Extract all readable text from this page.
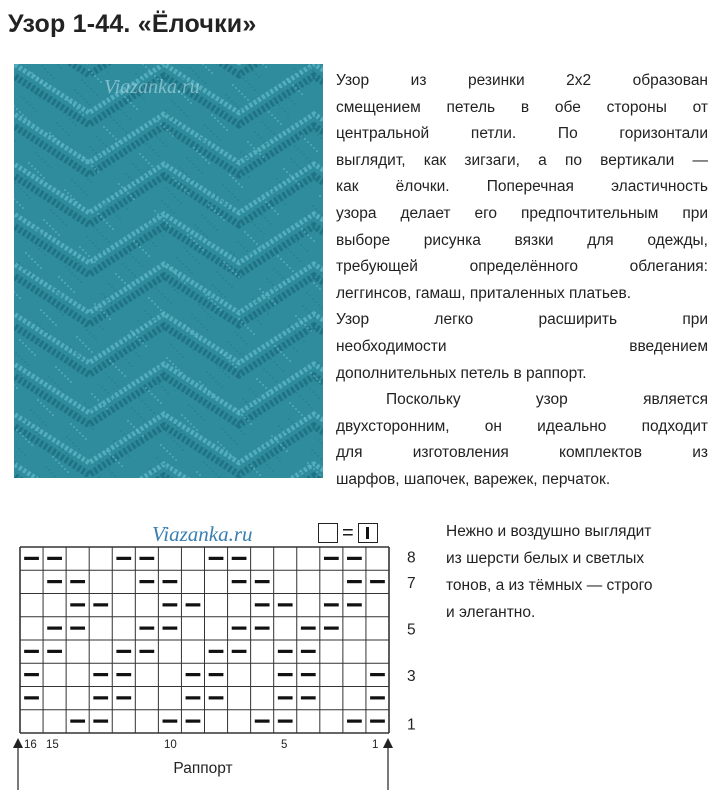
Узор 1-44. «Ёлочки»
Viazanka.ru	Узор из резинки 2х2 образован
смещением петель в обе стороны от
центральной петли. По горизонтали
выглядит, как зигзаги, а по вертикали —
как ёлочки. Поперечная эластичность
узора делает его предпочтительным при
выборе рисунка вязки для одежды,
требующей определённого облегания:
леггинсов, гамаш, приталенных платьев.
Узор легко расширить при
необходимости введением
дополнительных петель в раппорт.
Поскольку узор является
двухсторонним, он идеально подходит
для изготовления комплектов из
шарфов, шапочек, варежек, перчаток.
Viazanka.ru	=
8
7
5
3
1
16 15	10	5	1
Раппорт
Нежно и воздушно выглядит
из шерсти белых и светлых
тонов, а из тёмных — строго
и элегантно.
